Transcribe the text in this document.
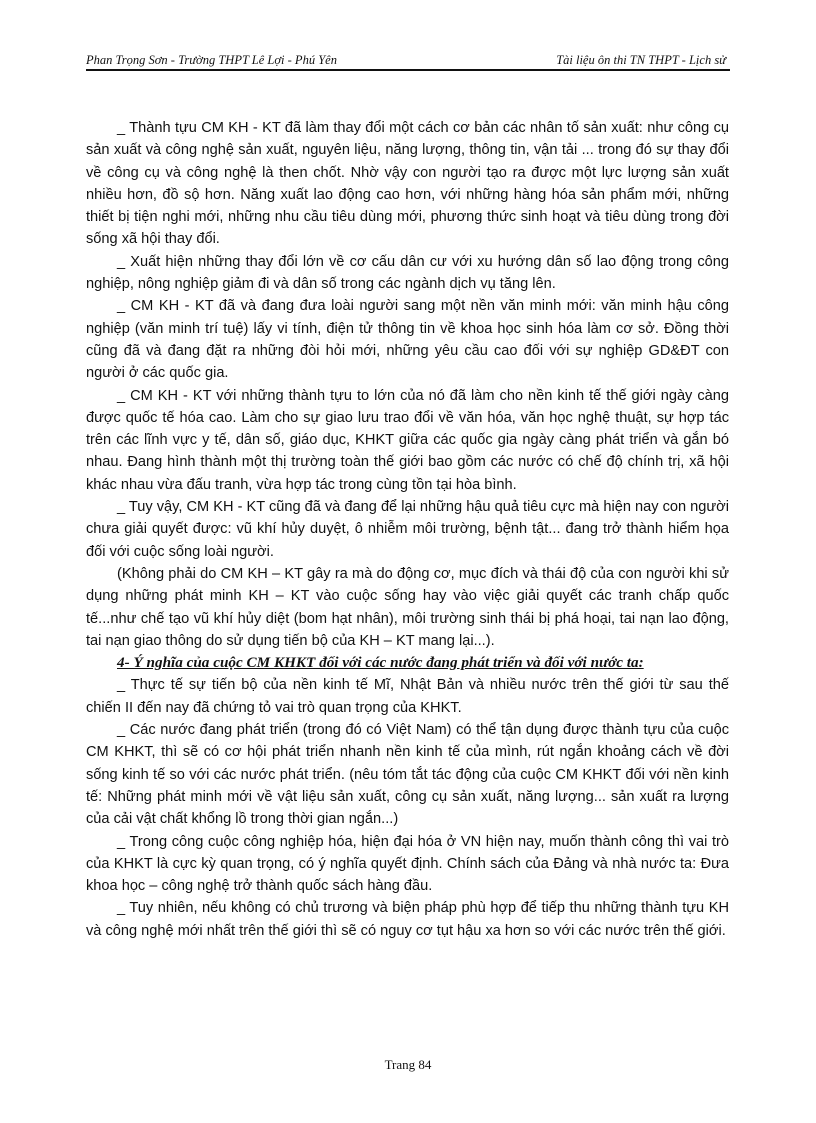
Phan Trọng Sơn - Trường THPT Lê Lợi - Phú Yên	Tài liệu ôn thi TN THPT - Lịch sử

_ Thành tựu CM KH - KT đã làm thay đổi một cách cơ bản các nhân tố sản xuất: như công cụ sản xuất và công nghệ sản xuất, nguyên liệu, năng lượng, thông tin, vận tải ... trong đó sự thay đổi về công cụ và công nghệ là then chốt. Nhờ vậy con người tạo ra được một lực lượng sản xuất nhiều hơn, đồ sộ hơn. Năng xuất lao động cao hơn, với những hàng hóa sản phẩm mới, những thiết bị tiện nghi mới, những nhu cầu tiêu dùng mới, phương thức sinh hoạt và tiêu dùng trong đời sống xã hội thay đổi.

_ Xuất hiện những thay đổi lớn về cơ cấu dân cư với xu hướng dân số lao động trong công nghiệp, nông nghiệp giảm đi và dân số trong các ngành dịch vụ tăng lên.

_ CM KH - KT đã và đang đưa loài người sang một nền văn minh mới: văn minh hậu công nghiệp (văn minh trí tuệ) lấy vi tính, điện tử thông tin về khoa học sinh hóa làm cơ sở. Đồng thời cũng đã và đang đặt ra những đòi hỏi mới, những yêu cầu cao đối với sự nghiệp GD&ĐT con người ở các quốc gia.

_ CM KH - KT với những thành tựu to lớn của nó đã làm cho nền kinh tế thế giới ngày càng được quốc tế hóa cao. Làm cho sự giao lưu trao đổi về văn hóa, văn học nghệ thuật, sự hợp tác trên các lĩnh vực y tế, dân số, giáo dục, KHKT giữa các quốc gia ngày càng phát triển và gắn bó nhau. Đang hình thành một thị trường toàn thế giới bao gồm các nước có chế độ chính trị, xã hội khác nhau vừa đấu tranh, vừa hợp tác trong cùng tồn tại hòa bình.

_ Tuy vậy, CM KH - KT cũng đã và đang để lại những hậu quả tiêu cực mà hiện nay con người chưa giải quyết được: vũ khí hủy duyệt, ô nhiễm môi trường, bệnh tật... đang trở thành hiểm họa đối với cuộc sống loài người.

(Không phải do CM KH – KT gây ra mà do động cơ, mục đích và thái độ của con người khi sử dụng những phát minh KH – KT vào cuộc sống hay vào việc giải quyết các tranh chấp quốc tế...như chế tạo vũ khí hủy diệt (bom hạt nhân), môi trường sinh thái bị phá hoại, tai nạn lao động, tai nạn giao thông do sử dụng tiến bộ của KH – KT mang lại...).

4- Ý nghĩa của cuộc CM KHKT đối với các nước đang phát triển và đối với nước ta:

_ Thực tế sự tiến bộ của nền kinh tế Mĩ, Nhật Bản và nhiều nước trên thế giới từ sau thế chiến II đến nay đã chứng tỏ vai trò quan trọng của KHKT.

_ Các nước đang phát triển (trong đó có Việt Nam) có thể tận dụng được thành tựu của cuộc CM KHKT, thì sẽ có cơ hội phát triển nhanh nền kinh tế của mình, rút ngắn khoảng cách về đời sống kinh tế so với các nước phát triển. (nêu tóm tắt tác động của cuộc CM KHKT đối với nền kinh tế: Những phát minh mới về vật liệu sản xuất, công cụ sản xuất, năng lượng... sản xuất ra lượng của cải vật chất khổng lồ trong thời gian ngắn...)

_ Trong công cuộc công nghiệp hóa, hiện đại hóa ở VN hiện nay, muốn thành công thì vai trò của KHKT là cực kỳ quan trọng, có ý nghĩa quyết định. Chính sách của Đảng và nhà nước ta: Đưa khoa học – công nghệ trở thành quốc sách hàng đầu.

_ Tuy nhiên, nếu không có chủ trương và biện pháp phù hợp để tiếp thu những thành tựu KH và công nghệ mới nhất trên thế giới thì sẽ có nguy cơ tụt hậu xa hơn so với các nước trên thế giới.

Trang 84
